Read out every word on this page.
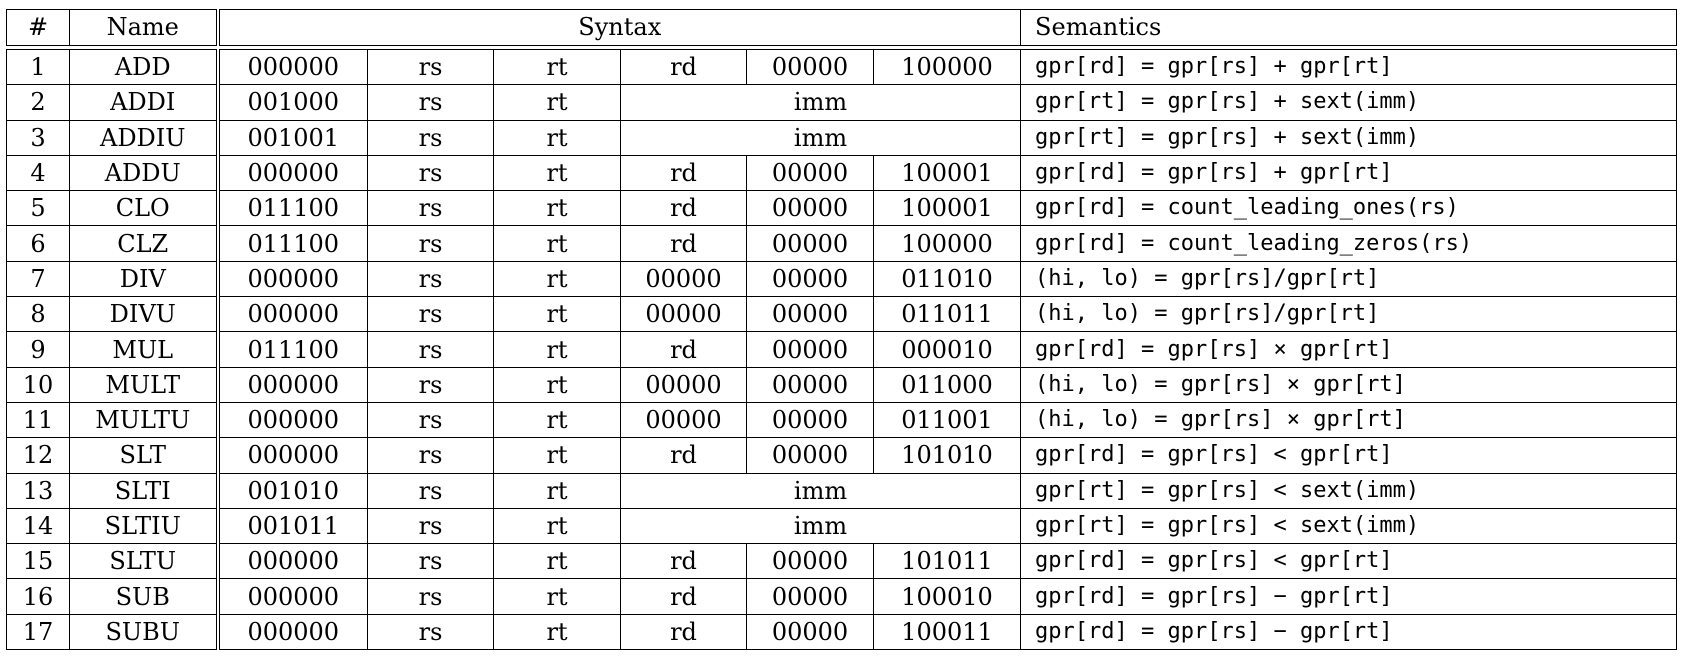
#	Name	Syntax						Semantics

1	ADD	000000	rs	rt	rd	00000	100000	gpr[rd] = gpr[rs] + gpr[rt]
2	ADDI	001000	rs	rt	imm			gpr[rt] = gpr[rs] + sext(imm)
3	ADDIU	001001	rs	rt	imm			gpr[rt] = gpr[rs] + sext(imm)
4	ADDU	000000	rs	rt	rd	00000	100001	gpr[rd] = gpr[rs] + gpr[rt]
5	CLO	011100	rs	rt	rd	00000	100001	gpr[rd] = count_leading_ones(rs)
6	CLZ	011100	rs	rt	rd	00000	100000	gpr[rd] = count_leading_zeros(rs)
7	DIV	000000	rs	rt	00000	00000	011010	(hi, lo) = gpr[rs]/gpr[rt]
8	DIVU	000000	rs	rt	00000	00000	011011	(hi, lo) = gpr[rs]/gpr[rt]
9	MUL	011100	rs	rt	rd	00000	000010	gpr[rd] = gpr[rs] × gpr[rt]
10	MULT	000000	rs	rt	00000	00000	011000	(hi, lo) = gpr[rs] × gpr[rt]
11	MULTU	000000	rs	rt	00000	00000	011001	(hi, lo) = gpr[rs] × gpr[rt]
12	SLT	000000	rs	rt	rd	00000	101010	gpr[rd] = gpr[rs] < gpr[rt]
13	SLTI	001010	rs	rt	imm			gpr[rt] = gpr[rs] < sext(imm)
14	SLTIU	001011	rs	rt	imm			gpr[rt] = gpr[rs] < sext(imm)
15	SLTU	000000	rs	rt	rd	00000	101011	gpr[rd] = gpr[rs] < gpr[rt]
16	SUB	000000	rs	rt	rd	00000	100010	gpr[rd] = gpr[rs] − gpr[rt]
17	SUBU	000000	rs	rt	rd	00000	100011	gpr[rd] = gpr[rs] − gpr[rt]
